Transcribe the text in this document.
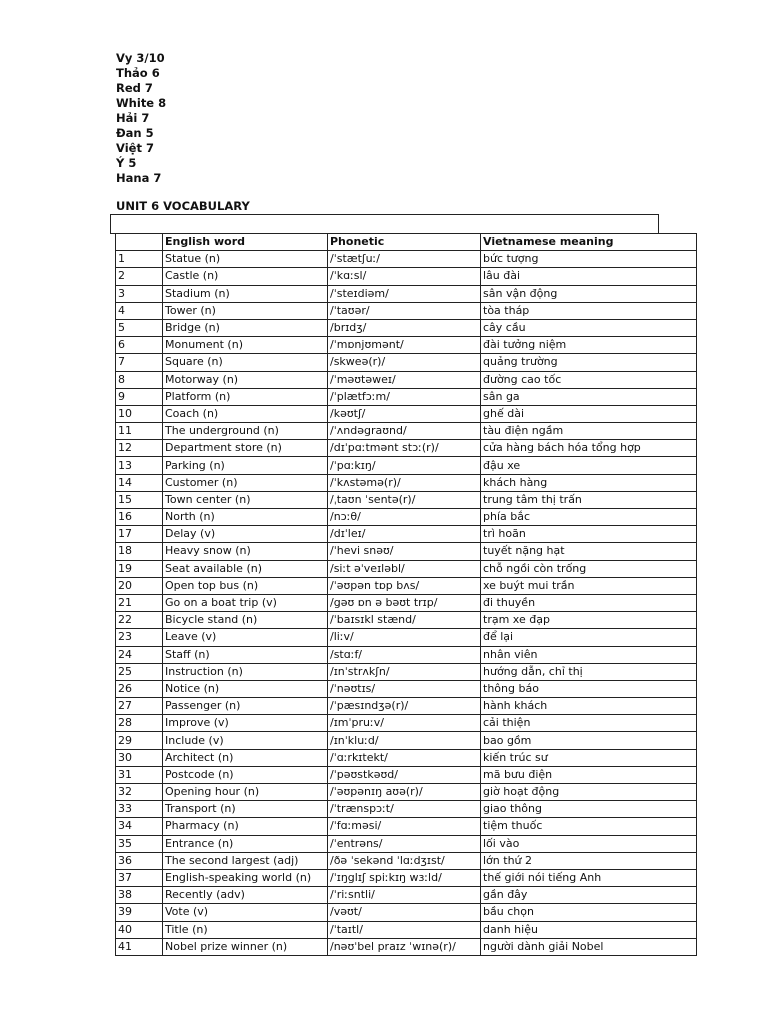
Vy 3/10
Thảo 6
Red 7
White 8
Hải 7
Đan 5
Việt 7
Ý 5
Hana 7
UNIT 6 VOCABULARY
	English word	Phonetic	Vietnamese meaning
1	Statue (n)	/ˈstætʃuː/	bức tượng
2	Castle (n)	/ˈkɑːsl/	lâu đài
3	Stadium (n)	/ˈsteɪdiəm/	sân vận động
4	Tower (n)	/ˈtaʊər/	tòa tháp
5	Bridge (n)	/brɪdʒ/	cây cầu
6	Monument (n)	/ˈmɒnjʊmənt/	đài tưởng niệm
7	Square (n)	/skweə(r)/	quảng trường
8	Motorway (n)	/ˈməʊtəweɪ/	đường cao tốc
9	Platform (n)	/ˈplætfɔːm/	sân ga
10	Coach (n)	/kəʊtʃ/	ghế dài
11	The underground (n)	/ˈʌndəgraʊnd/	tàu điện ngầm
12	Department store (n)	/dɪˈpɑːtmənt stɔː(r)/	cửa hàng bách hóa tổng hợp
13	Parking (n)	/ˈpɑːkɪŋ/	đậu xe
14	Customer (n)	/ˈkʌstəmə(r)/	khách hàng
15	Town center (n)	/ˌtaʊn ˈsentə(r)/	trung tâm thị trấn
16	North (n)	/nɔːθ/	phía bắc
17	Delay (v)	/dɪˈleɪ/	trì hoãn
18	Heavy snow (n)	/ˈhevi snəʊ/	tuyết nặng hạt
19	Seat available (n)	/siːt əˈveɪləbl/	chỗ ngồi còn trống
20	Open top bus (n)	/ˈəʊpən tɒp bʌs/	xe buýt mui trần
21	Go on a boat trip (v)	/gəʊ ɒn ə bəʊt trɪp/	đi thuyền
22	Bicycle stand (n)	/ˈbaɪsɪkl stænd/	trạm xe đạp
23	Leave (v)	/liːv/	để lại
24	Staff (n)	/stɑːf/	nhân viên
25	Instruction (n)	/ɪnˈstrʌkʃn/	hướng dẫn, chỉ thị
26	Notice (n)	/ˈnəʊtɪs/	thông báo
27	Passenger (n)	/ˈpæsɪndʒə(r)/	hành khách
28	Improve (v)	/ɪmˈpruːv/	cải thiện
29	Include (v)	/ɪnˈkluːd/	bao gồm
30	Architect (n)	/ˈɑːrkɪtekt/	kiến trúc sư
31	Postcode (n)	/ˈpəʊstkəʊd/	mã bưu điện
32	Opening hour (n)	/ˈəʊpənɪŋ aʊə(r)/	giờ hoạt động
33	Transport (n)	/ˈtrænspɔːt/	giao thông
34	Pharmacy (n)	/ˈfɑːməsi/	tiệm thuốc
35	Entrance (n)	/ˈentrəns/	lối vào
36	The second largest (adj)	/ðə ˈsekənd ˈlɑːdʒɪst/	lớn thứ 2
37	English-speaking world (n)	/ˈɪŋglɪʃ spiːkɪŋ wɜːld/	thế giới nói tiếng Anh
38	Recently (adv)	/ˈriːsntli/	gần đây
39	Vote (v)	/vəʊt/	bầu chọn
40	Title (n)	/ˈtaɪtl/	danh hiệu
41	Nobel prize winner (n)	/nəʊˈbel praɪz ˈwɪnə(r)/	người dành giải Nobel
